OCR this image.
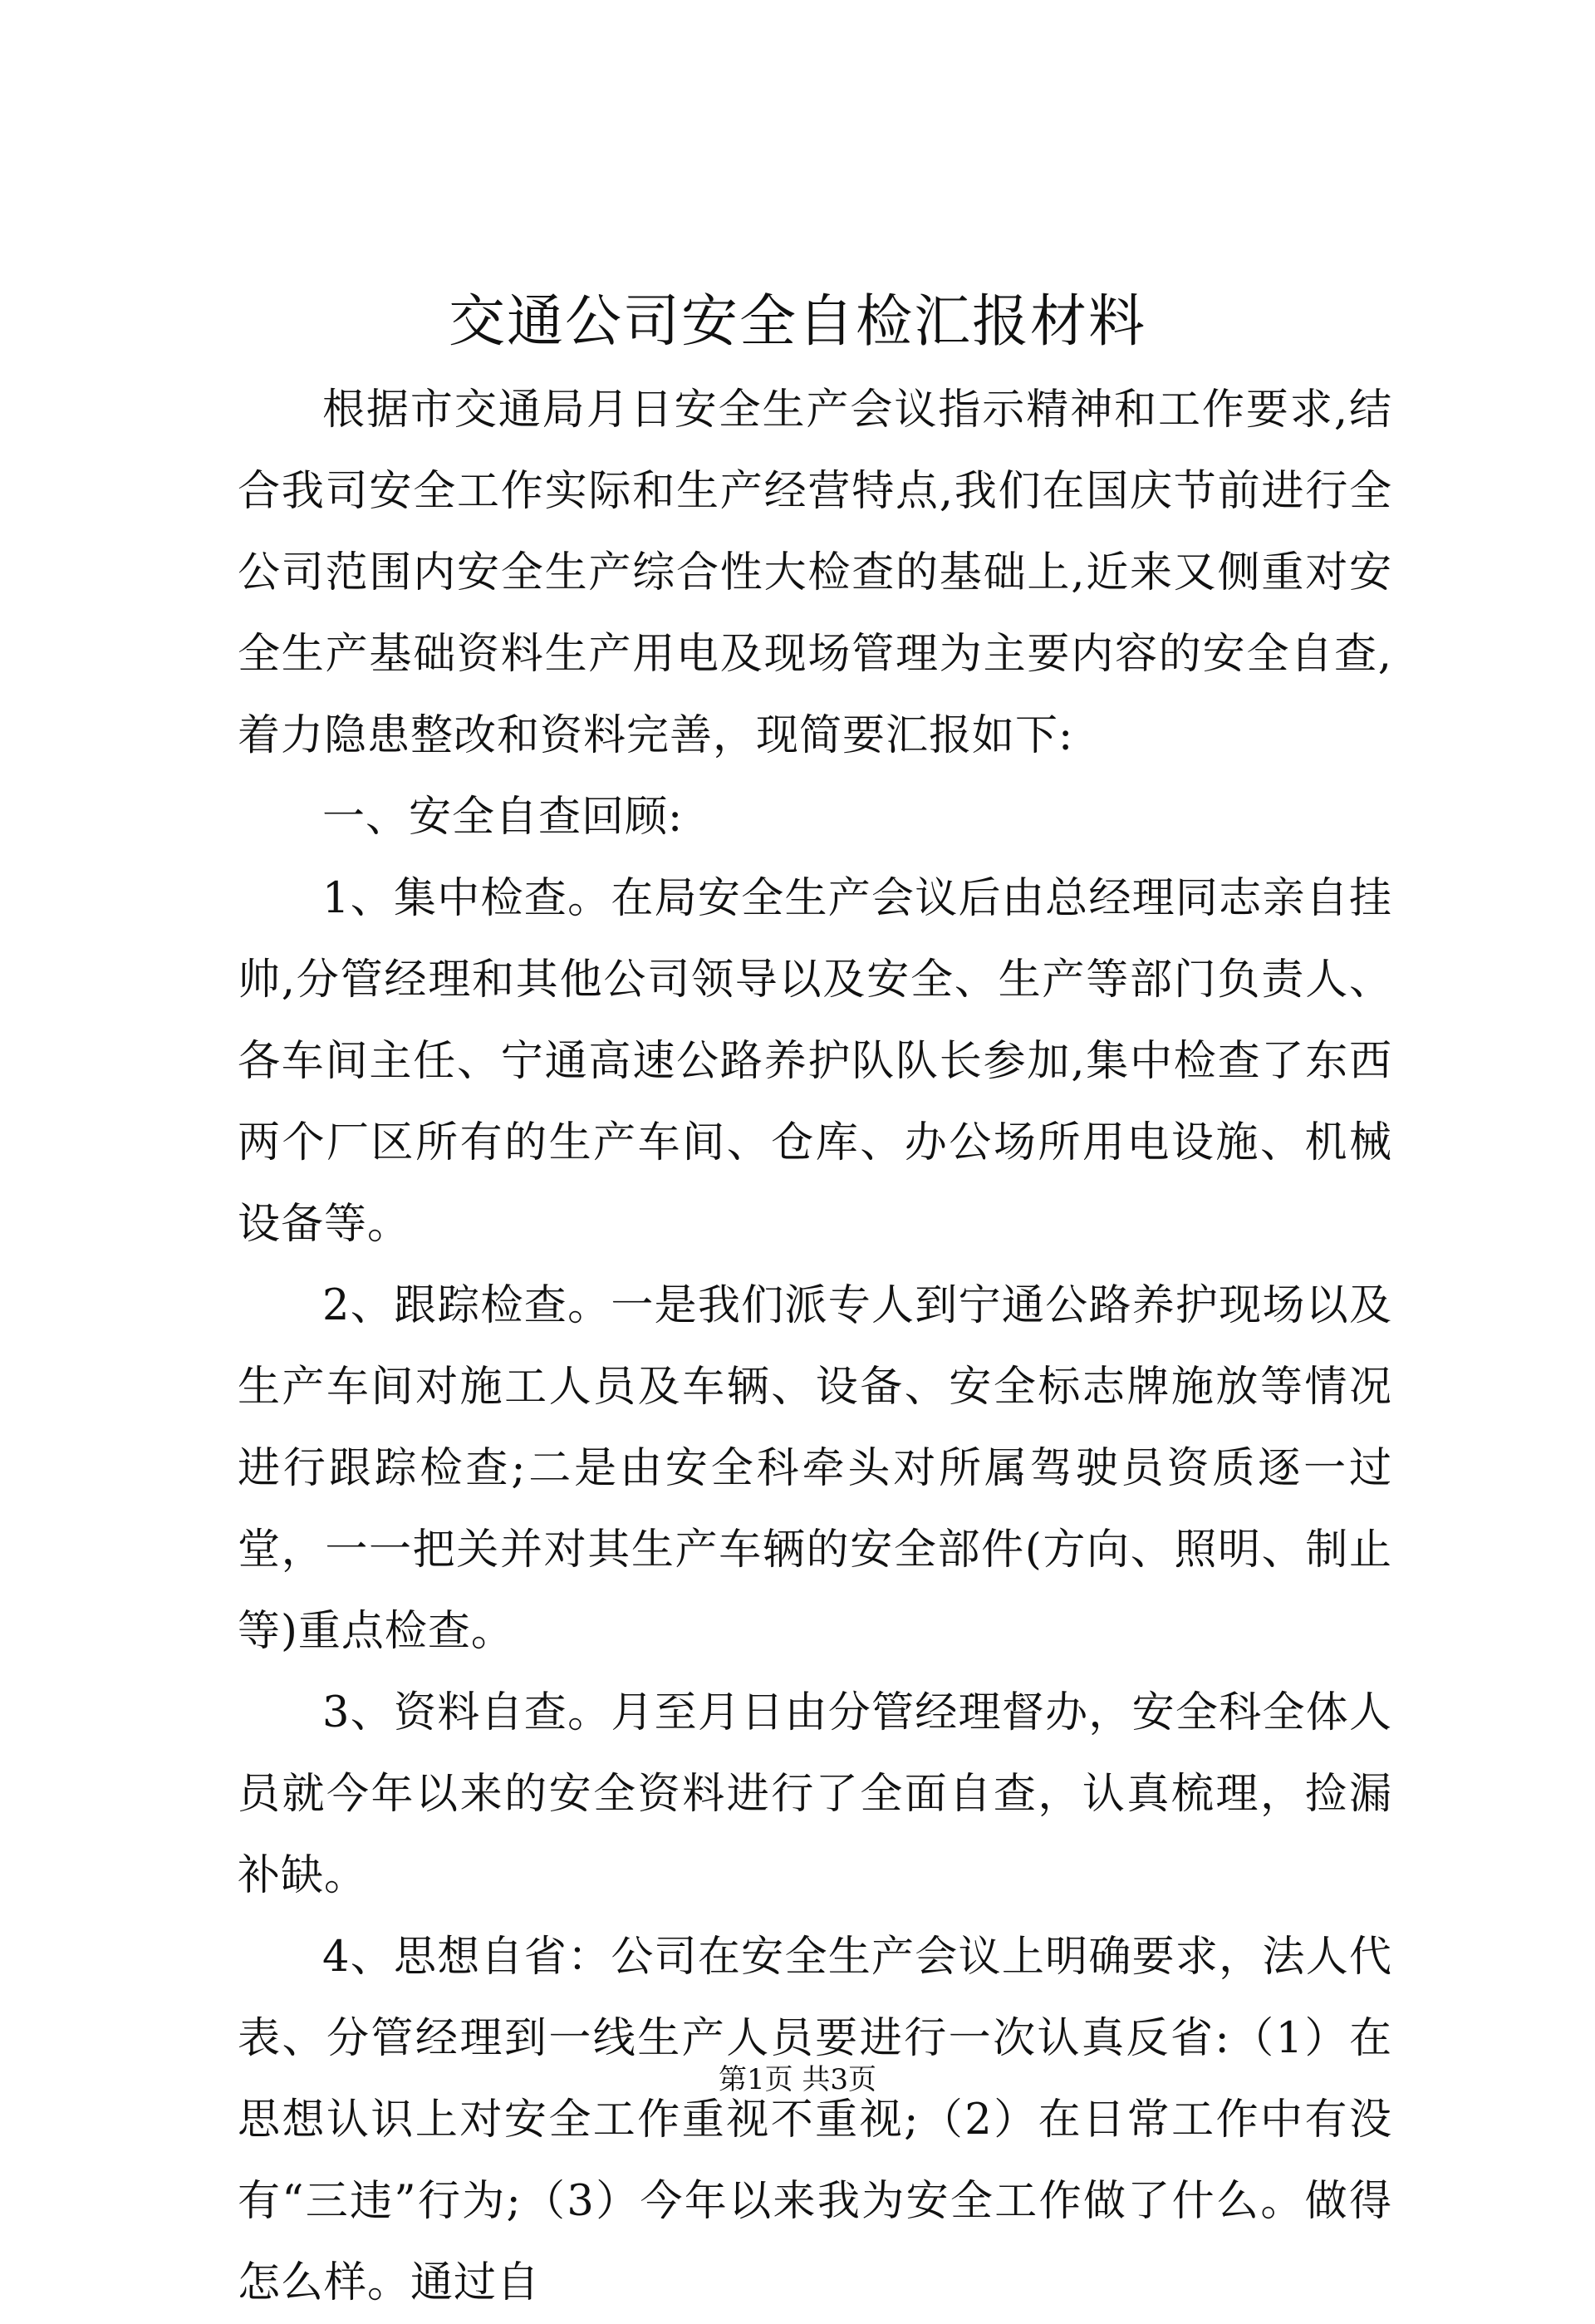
交通公司安全自检汇报材料

根据市交通局月日安全生产会议指示精神和工作要求,结合我司安全工作实际和生产经营特点,我们在国庆节前进行全公司范围内安全生产综合性大检查的基础上,近来又侧重对安全生产基础资料生产用电及现场管理为主要内容的安全自查,着力隐患整改和资料完善，现简要汇报如下:

一、安全自查回顾:

1、集中检查。在局安全生产会议后由总经理同志亲自挂帅,分管经理和其他公司领导以及安全、生产等部门负责人、各车间主任、宁通高速公路养护队队长参加,集中检查了东西两个厂区所有的生产车间、仓库、办公场所用电设施、机械设备等。

2、跟踪检查。一是我们派专人到宁通公路养护现场以及生产车间对施工人员及车辆、设备、安全标志牌施放等情况进行跟踪检查;二是由安全科牵头对所属驾驶员资质逐一过堂，一一把关并对其生产车辆的安全部件(方向、照明、制止等)重点检查。

3、资料自查。月至月日由分管经理督办，安全科全体人员就今年以来的安全资料进行了全面自查，认真梳理，捡漏补缺。

4、思想自省：公司在安全生产会议上明确要求，法人代表、分管经理到一线生产人员要进行一次认真反省:（1）在思想认识上对安全工作重视不重视;（2）在日常工作中有没有“三违”行为;（3）今年以来我为安全工作做了什么。做得怎么样。通过自

第1页 共3页
